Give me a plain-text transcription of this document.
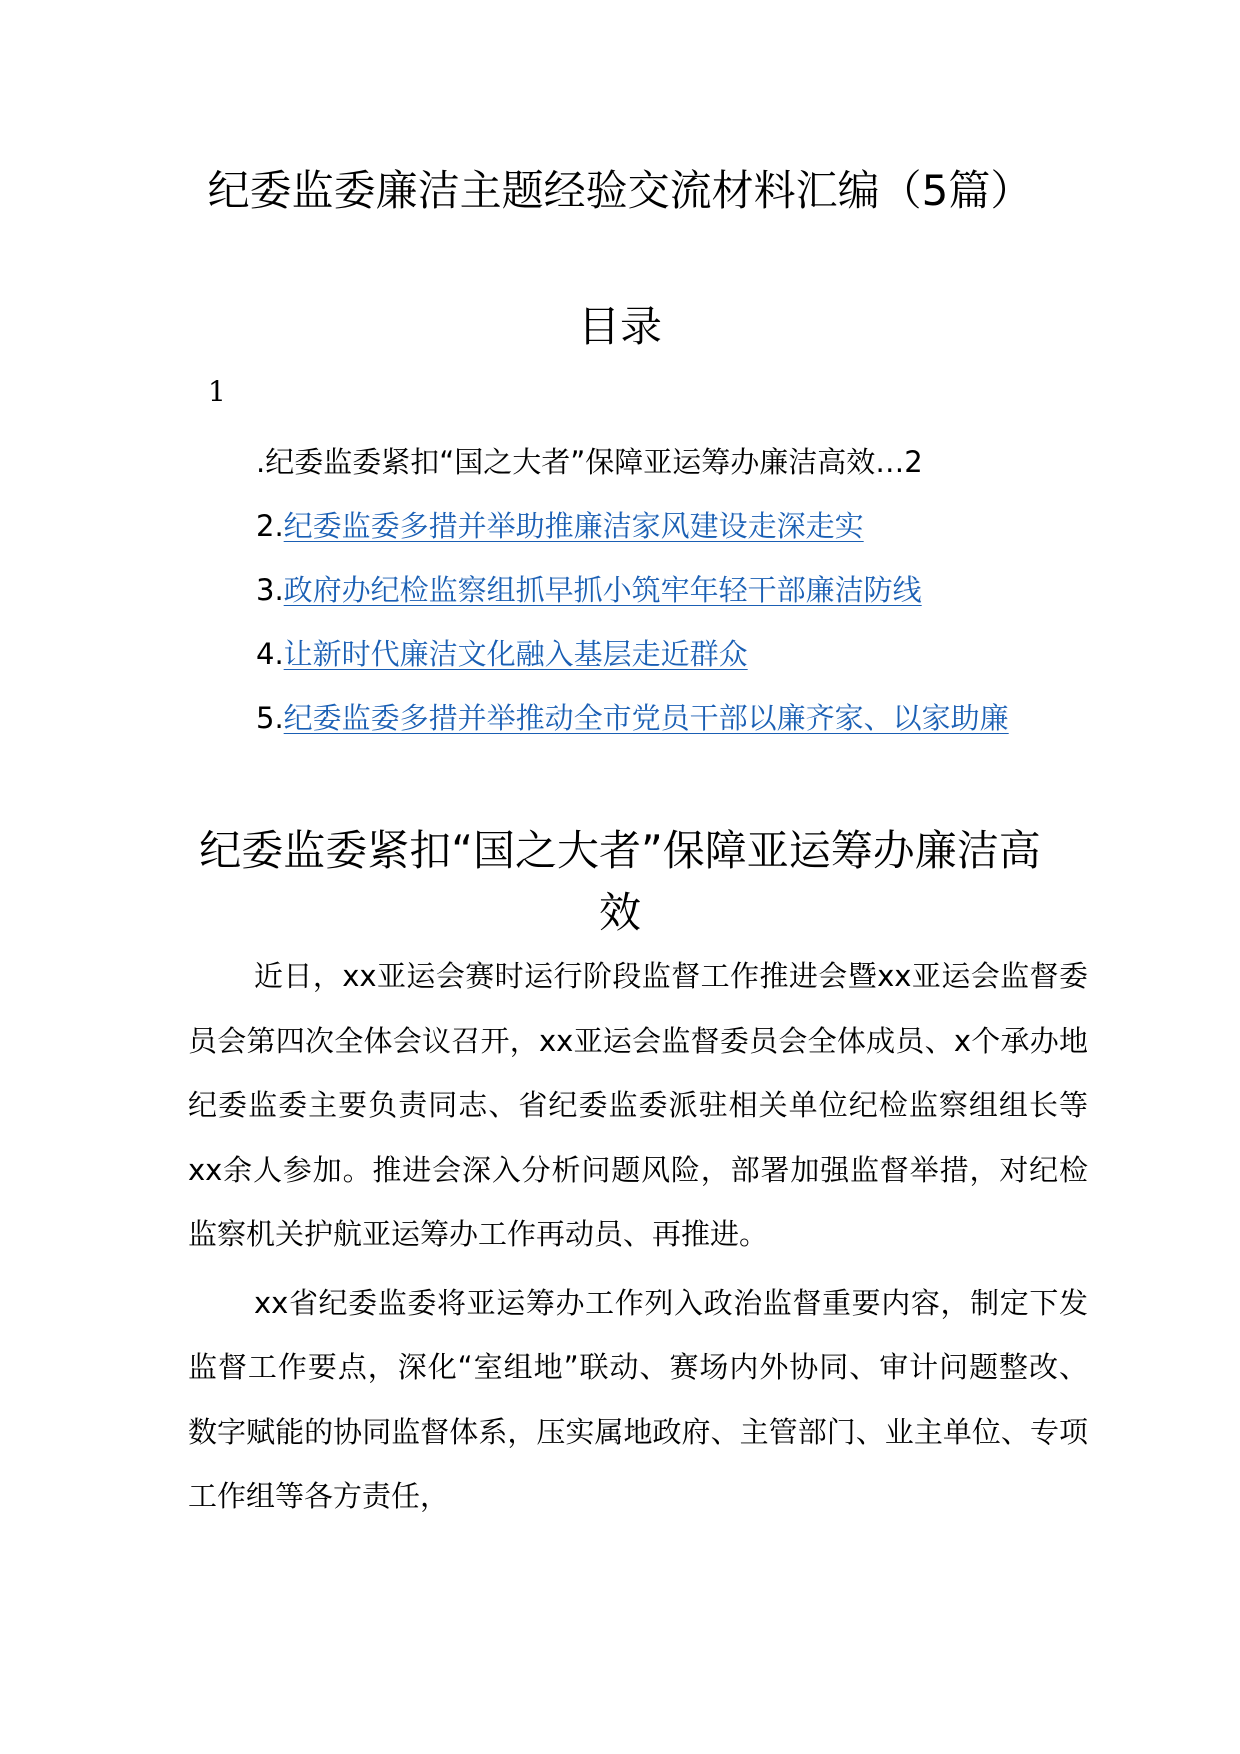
纪委监委廉洁主题经验交流材料汇编（5篇）
目录
1
.纪委监委紧扣“国之大者”保障亚运筹办廉洁高效…2
2.纪委监委多措并举助推廉洁家风建设走深走实
3.政府办纪检监察组抓早抓小筑牢年轻干部廉洁防线
4.让新时代廉洁文化融入基层走近群众
5.纪委监委多措并举推动全市党员干部以廉齐家、以家助廉
纪委监委紧扣“国之大者”保障亚运筹办廉洁高效

近日，xx亚运会赛时运行阶段监督工作推进会暨xx亚运会监督委员会第四次全体会议召开，xx亚运会监督委员会全体成员、x个承办地纪委监委主要负责同志、省纪委监委派驻相关单位纪检监察组组长等xx余人参加。推进会深入分析问题风险，部署加强监督举措，对纪检监察机关护航亚运筹办工作再动员、再推进。

xx省纪委监委将亚运筹办工作列入政治监督重要内容，制定下发监督工作要点，深化“室组地”联动、赛场内外协同、审计问题整改、数字赋能的协同监督体系，压实属地政府、主管部门、业主单位、专项工作组等各方责任，
